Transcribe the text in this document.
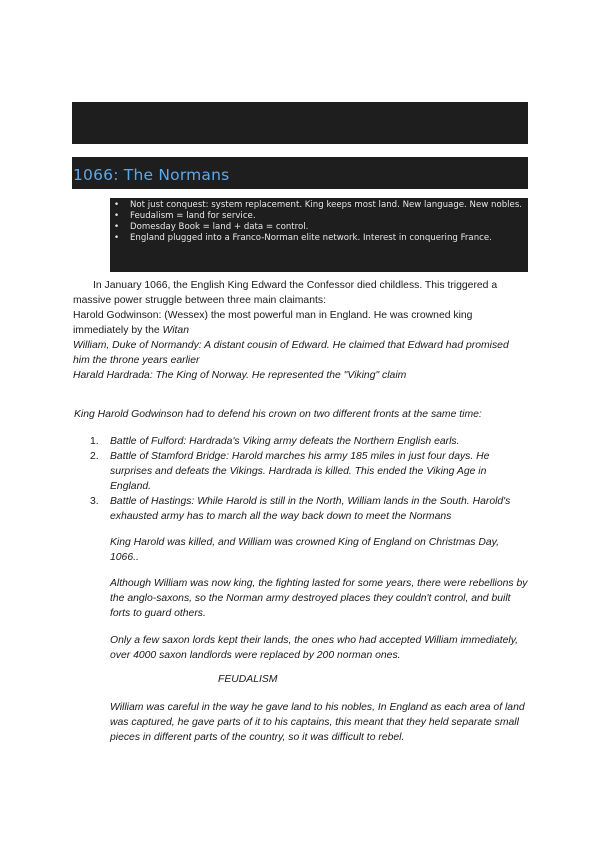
1066: The Normans
• Not just conquest: system replacement. King keeps most land. New language. New nobles.
• Feudalism = land for service.
• Domesday Book = land + data = control.
• England plugged into a Franco-Norman elite network. Interest in conquering France.

In January 1066, the English King Edward the Confessor died childless. This triggered a massive power struggle between three main claimants:

Harold Godwinson: (Wessex) the most powerful man in England. He was crowned king immediately by the Witan

William, Duke of Normandy: A distant cousin of Edward. He claimed that Edward had promised him the throne years earlier

Harald Hardrada: The King of Norway. He represented the "Viking" claim

King Harold Godwinson had to defend his crown on two different fronts at the same time:
1.	Battle of Fulford: Hardrada's Viking army defeats the Northern English earls.
2.	Battle of Stamford Bridge: Harold marches his army 185 miles in just four days. He surprises and defeats the Vikings. Hardrada is killed. This ended the Viking Age in England.
3.	Battle of Hastings: While Harold is still in the North, William lands in the South. Harold's exhausted army has to march all the way back down to meet the Normans

King Harold was killed, and William was crowned King of England on Christmas Day, 1066..

Although William was now king, the fighting lasted for some years, there were rebellions by the anglo-saxons, so the Norman army destroyed places they couldn't control, and built forts to guard others.

Only a few saxon lords kept their lands, the ones who had accepted William immediately, over 4000 saxon landlords were replaced by 200 norman ones.

FEUDALISM

William was careful in the way he gave land to his nobles, In England as each area of land was captured, he gave parts of it to his captains, this meant that they held separate small pieces in different parts of the country, so it was difficult to rebel.
